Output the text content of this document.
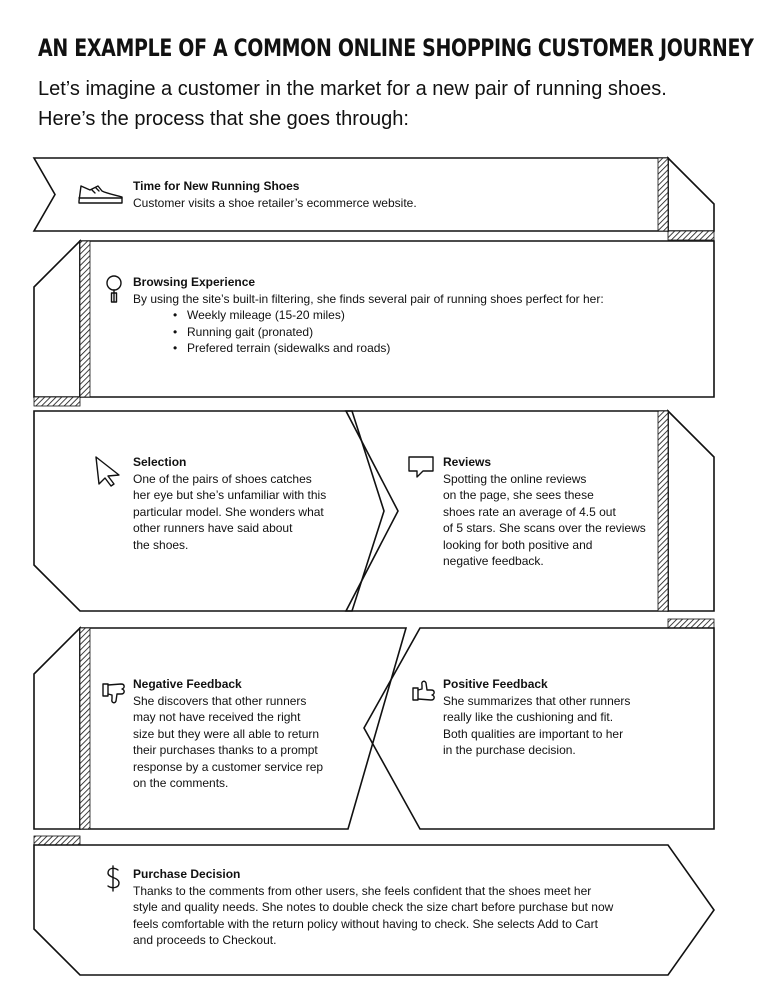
AN EXAMPLE OF A COMMON ONLINE SHOPPING CUSTOMER JOURNEY

Let’s imagine a customer in the market for a new pair of running shoes.

Here’s the process that she goes through:

Time for New Running Shoes
Customer visits a shoe retailer’s ecommerce website.
Browsing Experience
By using the site’s built-in filtering, she finds several pair of running shoes perfect for her:
• Weekly mileage (15-20 miles)
• Running gait (pronated)
• Prefered terrain (sidewalks and roads)
Selection
One of the pairs of shoes catches
her eye but she’s unfamiliar with this
particular model. She wonders what
other runners have said about
the shoes.
Reviews
Spotting the online reviews
on the page, she sees these
shoes rate an average of 4.5 out
of 5 stars. She scans over the reviews
looking for both positive and
negative feedback.
Negative Feedback
She discovers that other runners
may not have received the right
size but they were all able to return
their purchases thanks to a prompt
response by a customer service rep
on the comments.
Positive Feedback
She summarizes that other runners
really like the cushioning and fit.
Both qualities are important to her
in the purchase decision.
Purchase Decision
Thanks to the comments from other users, she feels confident that the shoes meet her
style and quality needs. She notes to double check the size chart before purchase but now
feels comfortable with the return policy without having to check. She selects Add to Cart
and proceeds to Checkout.
